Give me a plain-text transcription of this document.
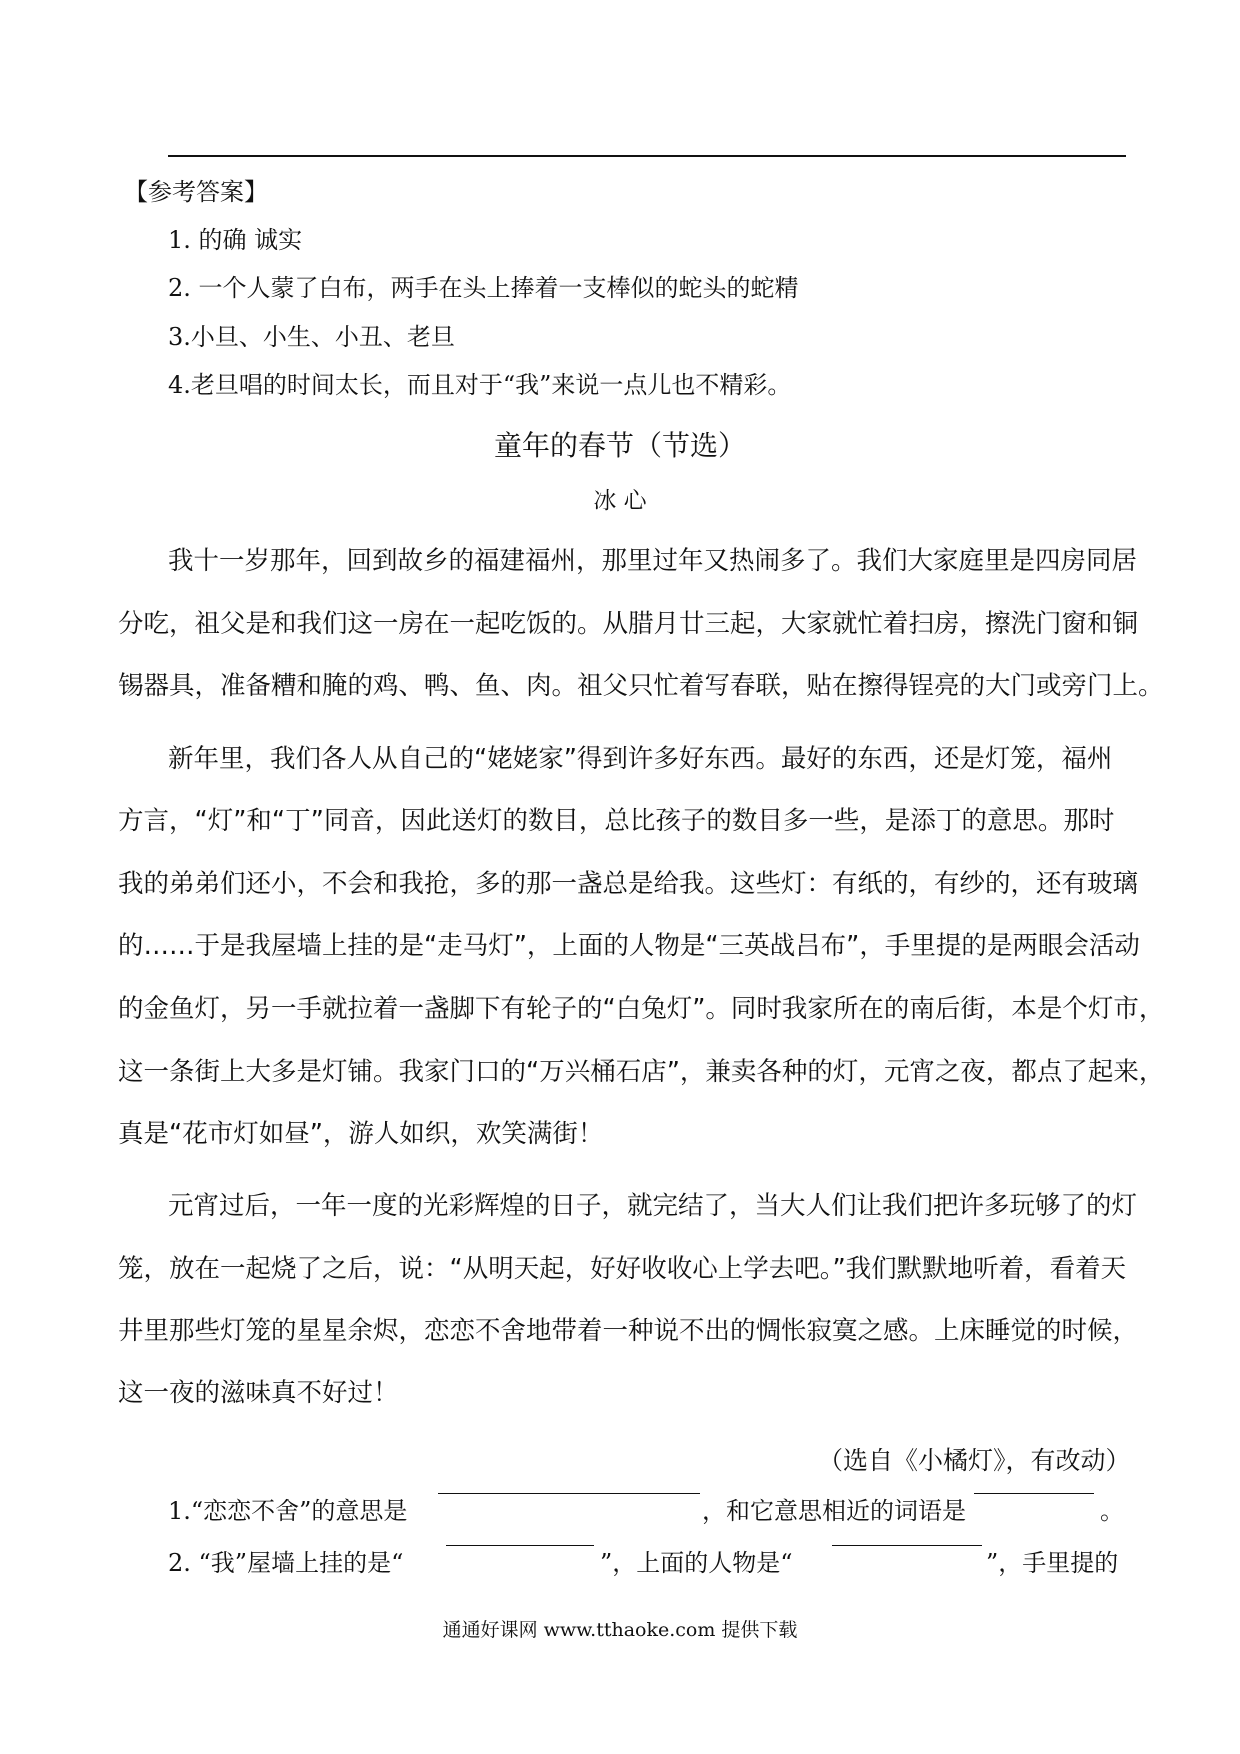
【参考答案】
1. 的确 诚实
2. 一个人蒙了白布，两手在头上捧着一支棒似的蛇头的蛇精
3.小旦、小生、小丑、老旦
4.老旦唱的时间太长，而且对于“我”来说一点儿也不精彩。
童年的春节（节选）
冰 心
我十一岁那年，回到故乡的福建福州，那里过年又热闹多了。我们大家庭里是四房同居
分吃，祖父是和我们这一房在一起吃饭的。从腊月廿三起，大家就忙着扫房，擦洗门窗和铜
锡器具，准备糟和腌的鸡、鸭、鱼、肉。祖父只忙着写春联，贴在擦得锃亮的大门或旁门上。
新年里，我们各人从自己的“姥姥家”得到许多好东西。最好的东西，还是灯笼，福州
方言，“灯”和“丁”同音，因此送灯的数目，总比孩子的数目多一些，是添丁的意思。那时
我的弟弟们还小，不会和我抢，多的那一盏总是给我。这些灯：有纸的，有纱的，还有玻璃
的……于是我屋墙上挂的是“走马灯”，上面的人物是“三英战吕布”，手里提的是两眼会活动
的金鱼灯，另一手就拉着一盏脚下有轮子的“白兔灯”。同时我家所在的南后街，本是个灯市，
这一条街上大多是灯铺。我家门口的“万兴桶石店”，兼卖各种的灯，元宵之夜，都点了起来，
真是“花市灯如昼”，游人如织，欢笑满街！
元宵过后，一年一度的光彩辉煌的日子，就完结了，当大人们让我们把许多玩够了的灯
笼，放在一起烧了之后，说：“从明天起，好好收收心上学去吧。”我们默默地听着，看着天
井里那些灯笼的星星余烬，恋恋不舍地带着一种说不出的惆怅寂寞之感。上床睡觉的时候，
这一夜的滋味真不好过！
（选自《小橘灯》，有改动）
1.“恋恋不舍”的意思是	，和它意思相近的词语是	。
2. “我”屋墙上挂的是“	”，上面的人物是“	”，手里提的
通通好课网 www.tthaoke.com 提供下载
